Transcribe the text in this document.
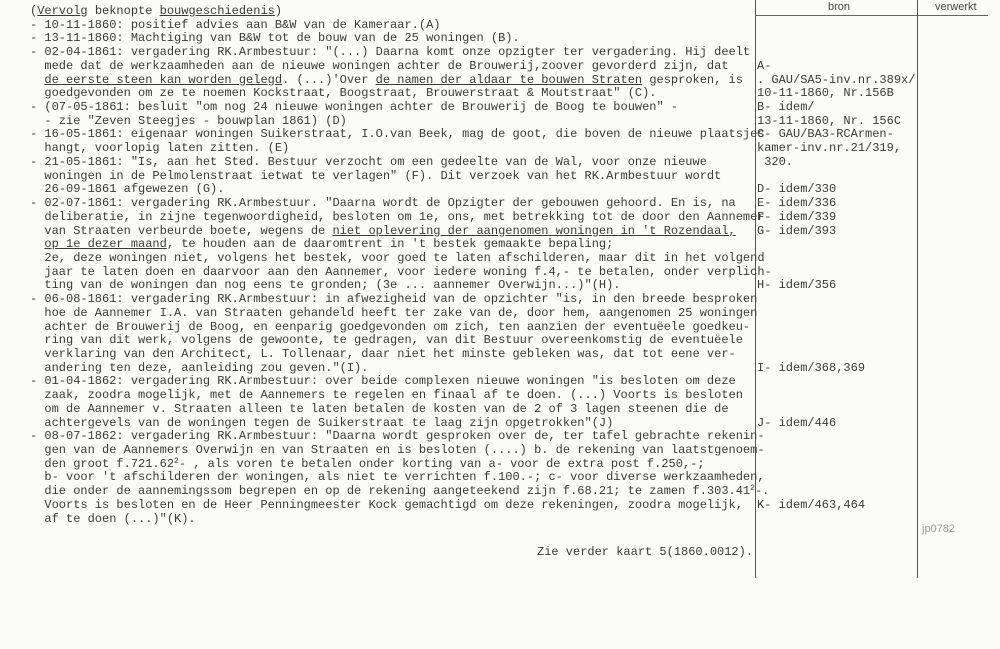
bron	verwerkt
(Vervolg beknopte bouwgeschiedenis)
- 10-11-1860: positief advies aan B&W van de Kameraar.(A)
- 13-11-1860: Machtiging van B&W tot de bouw van de 25 woningen (B).
- 02-04-1861: vergadering RK.Armbestuur: "(...) Daarna komt onze opzigter ter vergadering. Hij deelt
mede dat de werkzaamheden aan de nieuwe woningen achter de Brouwerij,zoover gevorderd zijn, dat
de eerste steen kan worden gelegd. (...)'Over de namen der aldaar te bouwen Straten gesproken, is
goedgevonden om ze te noemen Kockstraat, Boogstraat, Brouwerstraat & Moutstraat" (C).
- (07-05-1861: besluit "om nog 24 nieuwe woningen achter de Brouwerij de Boog te bouwen" -
- zie "Zeven Steegjes - bouwplan 1861) (D)
- 16-05-1861: eigenaar woningen Suikerstraat, I.O.van Beek, mag de goot, die boven de nieuwe plaatsjes
hangt, voorlopig laten zitten. (E)
- 21-05-1861: "Is, aan het Sted. Bestuur verzocht om een gedeelte van de Wal, voor onze nieuwe
woningen in de Pelmolenstraat ietwat te verlagen" (F). Dit verzoek van het RK.Armbestuur wordt
26-09-1861 afgewezen (G).
- 02-07-1861: vergadering RK.Armbestuur. "Daarna wordt de Opzigter der gebouwen gehoord. En is, na
deliberatie, in zijne tegenwoordigheid, besloten om 1e, ons, met betrekking tot de door den Aannemer
van Straaten verbeurde boete, wegens de niet oplevering der aangenomen woningen in 't Rozendaal,
op 1e dezer maand, te houden aan de daaromtrent in 't bestek gemaakte bepaling;
2e, deze woningen niet, volgens het bestek, voor goed te laten afschilderen, maar dit in het volgend
jaar te laten doen en daarvoor aan den Aannemer, voor iedere woning f.4,- te betalen, onder verplich-
ting van de woningen dan nog eens te gronden; (3e ... aannemer Overwijn...)"(H).
- 06-08-1861: vergadering RK.Armbestuur: in afwezigheid van de opzichter "is, in den breede besproken
hoe de Aannemer I.A. van Straaten gehandeld heeft ter zake van de, door hem, aangenomen 25 woningen
achter de Brouwerij de Boog, en eenparig goedgevonden om zich, ten aanzien der eventuëele goedkeu-
ring van dit werk, volgens de gewoonte, te gedragen, van dit Bestuur overeenkomstig de eventuëele
verklaring van den Architect, L. Tollenaar, daar niet het minste gebleken was, dat tot eene ver-
andering ten deze, aanleiding zou geven."(I).
- 01-04-1862: vergadering RK.Armbestuur: over beide complexen nieuwe woningen "is besloten om deze
zaak, zoodra mogelijk, met de Aannemers te regelen en finaal af te doen. (...) Voorts is besloten
om de Aannemer v. Straaten alleen te laten betalen de kosten van de 2 of 3 lagen steenen die de
achtergevels van de woningen tegen de Suikerstraat te laag zijn opgetrokken"(J)
- 08-07-1862: vergadering RK.Armbestuur: "Daarna wordt gesproken over de, ter tafel gebrachte rekenin-
gen van de Aannemers Overwijn en van Straaten en is besloten (....) b. de rekening van laatstgenoem-
den groot f.721.62$^2$- , als voren te betalen onder korting van a- voor de extra post f.250,-;
b- voor 't afschilderen der woningen, als niet te verrichten f.100.-; c- voor diverse werkzaamheden,
die onder de aannemingssom begrepen en op de rekening aangeteekend zijn f.68.21; te zamen f.303.41$^2$-.
Voorts is besloten en de Heer Penningmeester Kock gemachtigd om deze rekeningen, zoodra mogelijk,
af te doen (...)"(K).
A-
. GAU/SA5-inv.nr.389x/
10-11-1860, Nr.156B
B- idem/
13-11-1860, Nr. 156C
C- GAU/BA3-RCArmen-
kamer-inv.nr.21/319,
320.
D- idem/330
E- idem/336
F- idem/339
G- idem/393
H- idem/356
I- idem/368,369
J- idem/446
K- idem/463,464
jp0782
Zie verder kaart 5(1860.0012).
